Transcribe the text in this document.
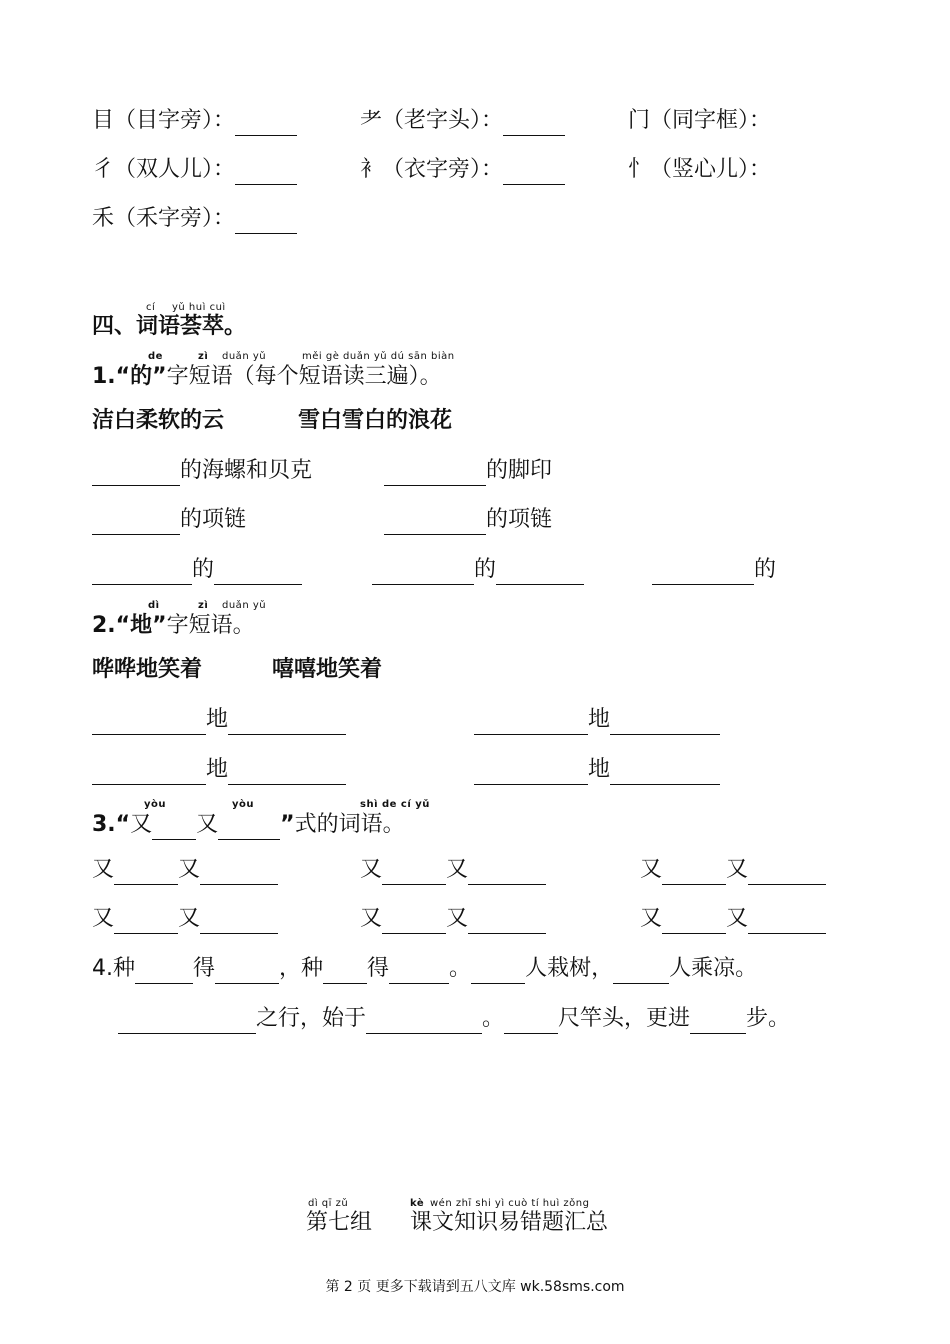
目（目字旁）：	耂（老字头）：	门（同字框）：
彳（双人儿）：	衤（衣字旁）：	忄（竖心儿）：
禾（禾字旁）：
cí yǔ huì cuì
四、词语荟萃。
de	zì duǎn yǔ	měi gè duǎn yǔ dú sān biàn
1.“的”字短语（每个短语读三遍）。
洁白柔软的云	雪白雪白的浪花
的海螺和贝克	的脚印
的项链	的项链
的	的	的
dì	zì duǎn yǔ
2.“地”字短语。
哗哗地笑着	嘻嘻地笑着
地	地
地	地
yòu	yòu	shì de cí yǔ
3.“又 又	”式的词语。
又	又	又	又	又	又
又	又	又	又	又	又
4.种	得	，种 得	。 人栽树，	人乘凉。
之行，始于	。 尺竿头，更进	步。
dì qī zǔ	kè wén zhī shi yì cuò tí huì zǒng
第七组 课文知识易错题汇总
第 2 页 更多下载请到五八文库 wk.58sms.com
